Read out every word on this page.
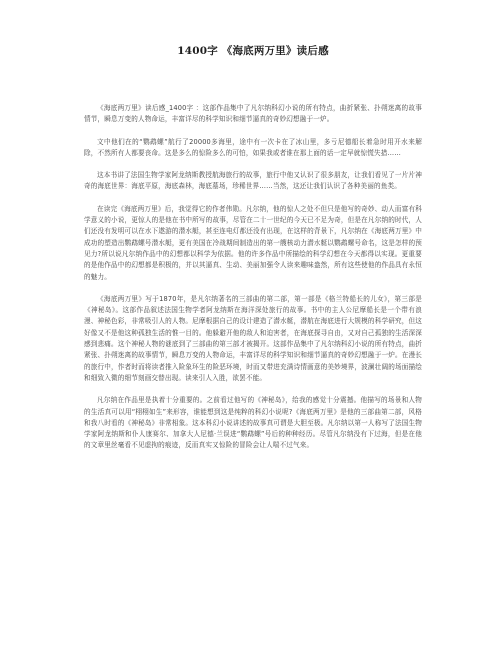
1400字 《海底两万里》读后感

《海底两万里》读后感_1400字 ：这部作品集中了凡尔纳科幻小说的所有特点，曲折紧张、扑朔迷离的故事情节，瞬息万变的人物命运，丰富详尽的科学知识和细节逼真的奇妙幻想融于一炉。

文中他们在的“鹦鹉螺”航行了20000多海里，途中有一次卡在了冰山里，多亏尼德船长着急时用开水来解除，不然所有人都要丧命。这是多么的惊险多么的可怕，如果我或者谁在那上面的话一定早就惊慌失措……

这本书讲了法国生物学家阿龙纳斯教授航海旅行的故事，旅行中他又认识了很多朋友，让我们看见了一片片神奇的海底世界：海底平原，海底森林，海底墓场，珍稀世界……当然，这还让我们认识了各种美丽的鱼类。

在读完《海底两万里》后，我觉得它的作者伟勋。凡尔纳，他的惊人之处不但只是他写的奇妙、动人而富有科学意义的小说，更惊人的是他在书中所写的故事，尽管在二十一世纪的今天已不足为奇，但是在凡尔纳的时代，人们还没有发明可以在水下遨游的潜水艇，甚至连电灯都还没有出现，在这样的背景下，凡尔纳在《海底两万里》中成功的塑造出鹦鹉螺号潜水艇，更有美国在冷战期间制造出的第一艘核动力潜水艇以鹦鹉螺号命名，这是怎样的预见力?所以说凡尔纳作品中的幻想都以科学为依据。他的许多作品中所描绘的科学幻想在今天都得以实现。更重要的是他作品中的幻想都是积极的，并以其逼真、生动、美丽加强令人读来趣味盎然，所有这些使他的作品具有永恒的魅力。

《海底两万里》写于1870年，是凡尔纳著名的三部曲的第二部，第一部是《格兰特船长的儿女》，第三部是《神秘岛》。这部作品叙述法国生物学者阿龙纳斯在海洋深处旅行的故事。书中的主人公尼摩船长是一个带有浪漫、神秘色彩，非常吸引人的人物。尼摩根据自己的设计建造了潜水艇，潜航在海底进行大规模的科学研究，但这好像又不是他这种孤独生活的惟一目的。他躲避开他的敌人和迫害者，在海底探寻自由，又对自己孤独的生活深深感到悲痛。这个神秘人物的谜底到了三部曲的第三部才被揭开。这部作品集中了凡尔纳科幻小说的所有特点，曲折紧张、扑朔迷离的故事情节，瞬息万变的人物命运，丰富详尽的科学知识和细节逼真的奇妙幻想融于一炉。在漫长的旅行中，作者时而将读者推入险象环生的险恶环境，时而又带进充满诗情画意的美妙境界，波澜壮阔的场面描绘和细致入微的细节刻画交替出现。读来引人入胜，欲罢不能。

凡尔纳在作品里是执着十分重要的。之前看过他写的《神秘岛》，给我的感觉十分震撼。他描写的场景和人物的生活真可以用“栩栩如生”来形容，谁能想到这是纯粹的科幻小说呢?《海底两万里》是他的三部曲第二部，风格和我八时看的《神秘岛》非常相象。这本科幻小说讲述的故事真可谓是大胆至极。凡尔纳以第一人称写了法国生物学家阿龙纳斯和仆人康赛尔、加拿大人尼德·兰误进“鹦鹉螺”号后的种种经历。尽管凡尔纳没有下过海，但是在他的文章里丝毫看不见虚拘的痕迹，反而真实又惊险的冒险会让人喘不过气来。
